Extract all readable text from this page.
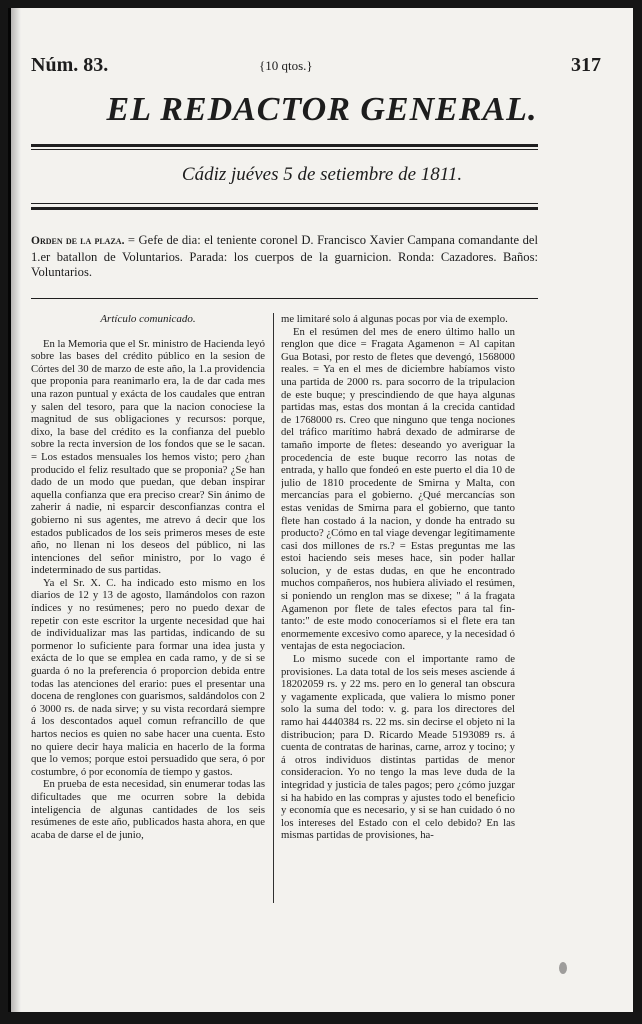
Núm. 83.	{10 qtos.}	317
EL REDACTOR GENERAL.
Cádiz juéves 5 de setiembre de 1811.
Orden de la plaza. = Gefe de dia: el teniente coronel D. Francisco Xavier Campana comandante del 1.er batallon de Voluntarios. Parada: los cuerpos de la guarnicion. Ronda: Cazadores. Baños: Voluntarios.
Artículo comunicado.

En la Memoria que el Sr. ministro de Hacienda leyó sobre las bases del crédito público en la sesion de Córtes del 30 de marzo de este año, la 1.a providencia que proponia para reanimarlo era, la de dar cada mes una razon puntual y exácta de los caudales que entran y salen del tesoro, para que la nacion conociese la magnitud de sus obligaciones y recursos: porque, dixo, la base del crédito es la confianza del pueblo sobre la recta inversion de los fondos que se le sacan. = Los estados mensuales los hemos visto; pero ¿han producido el feliz resultado que se proponia? ¿Se han dado de un modo que puedan, que deban inspirar aquella confianza que era preciso crear? Sin ánimo de zaherir á nadie, ni esparcir desconfianzas contra el gobierno ni sus agentes, me atrevo á decir que los estados publicados de los seis primeros meses de este año, no llenan ni los deseos del público, ni las intenciones del señor ministro, por lo vago é indeterminado de sus partidas.

Ya el Sr. X. C. ha indicado esto mismo en los diarios de 12 y 13 de agosto, llamándolos con razon índices y no resúmenes; pero no puedo dexar de repetir con este escritor la urgente necesidad que hai de individualizar mas las partidas, indicando de su pormenor lo suficiente para formar una idea justa y exácta de lo que se emplea en cada ramo, y de si se guarda ó no la preferencia ó proporcion debida entre todas las atenciones del erario: pues el presentar una docena de renglones con guarismos, saldándolos con 2 ó 3000 rs. de nada sirve; y su vista recordará siempre á los descontados aquel comun refrancillo de que hartos necios es quien no sabe hacer una cuenta. Esto no quiere decir haya malicia en hacerlo de la forma que lo vemos; porque estoi persuadido que sera, ó por costumbre, ó por economía de tiempo y gastos.

En prueba de esta necesidad, sin enumerar todas las dificultades que me ocurren sobre la debida inteligencia de algunas cantidades de los seis resúmenes de este año, publicados hasta ahora, en que acaba de darse el de junio,

me limitaré solo á algunas pocas por via de exemplo.

En el resúmen del mes de enero último hallo un renglon que dice = Fragata Agamenon = Al capitan Gua Botasi, por resto de fletes que devengó, 1568000 reales. = Ya en el mes de diciembre habíamos visto una partida de 2000 rs. para socorro de la tripulacion de este buque; y prescindiendo de que haya algunas partidas mas, estas dos montan á la crecida cantidad de 1768000 rs. Creo que ninguno que tenga nociones del tráfico marítimo habrá dexado de admirarse de tamaño importe de fletes: deseando yo averiguar la procedencia de este buque recorro las notas de entrada, y hallo que fondeó en este puerto el dia 10 de julio de 1810 procedente de Smirna y Malta, con mercancías para el gobierno. ¿Qué mercancías son estas venidas de Smirna para el gobierno, que tanto flete han costado á la nacion, y donde ha entrado su producto? ¿Cómo en tal viage devengar legítimamente casi dos millones de rs.? = Estas preguntas me las estoi haciendo seis meses hace, sin poder hallar solucion, y de estas dudas, en que he encontrado muchos compañeros, nos hubiera aliviado el resúmen, si poniendo un renglon mas se dixese; " á la fragata Agamenon por flete de tales efectos para tal fin-tanto:" de este modo conoceríamos si el flete era tan enormemente excesivo como aparece, y la necesidad ó ventajas de esta negociacion.

Lo mismo sucede con el importante ramo de provisiones. La data total de los seis meses asciende á 18202059 rs. y 22 ms. pero en lo general tan obscura y vagamente explicada, que valiera lo mismo poner solo la suma del todo: v. g. para los directores del ramo hai 4440384 rs. 22 ms. sin decirse el objeto ni la distribucion; para D. Ricardo Meade 5193089 rs. á cuenta de contratas de harinas, carne, arroz y tocino; y á otros individuos distintas partidas de menor consideracion. Yo no tengo la mas leve duda de la integridad y justicia de tales pagos; pero ¿cómo juzgar si ha habido en las compras y ajustes todo el beneficio y economía que es necesario, y si se han cuidado ó no los intereses del Estado con el celo debido? En las mismas partidas de provisiones, ha-
